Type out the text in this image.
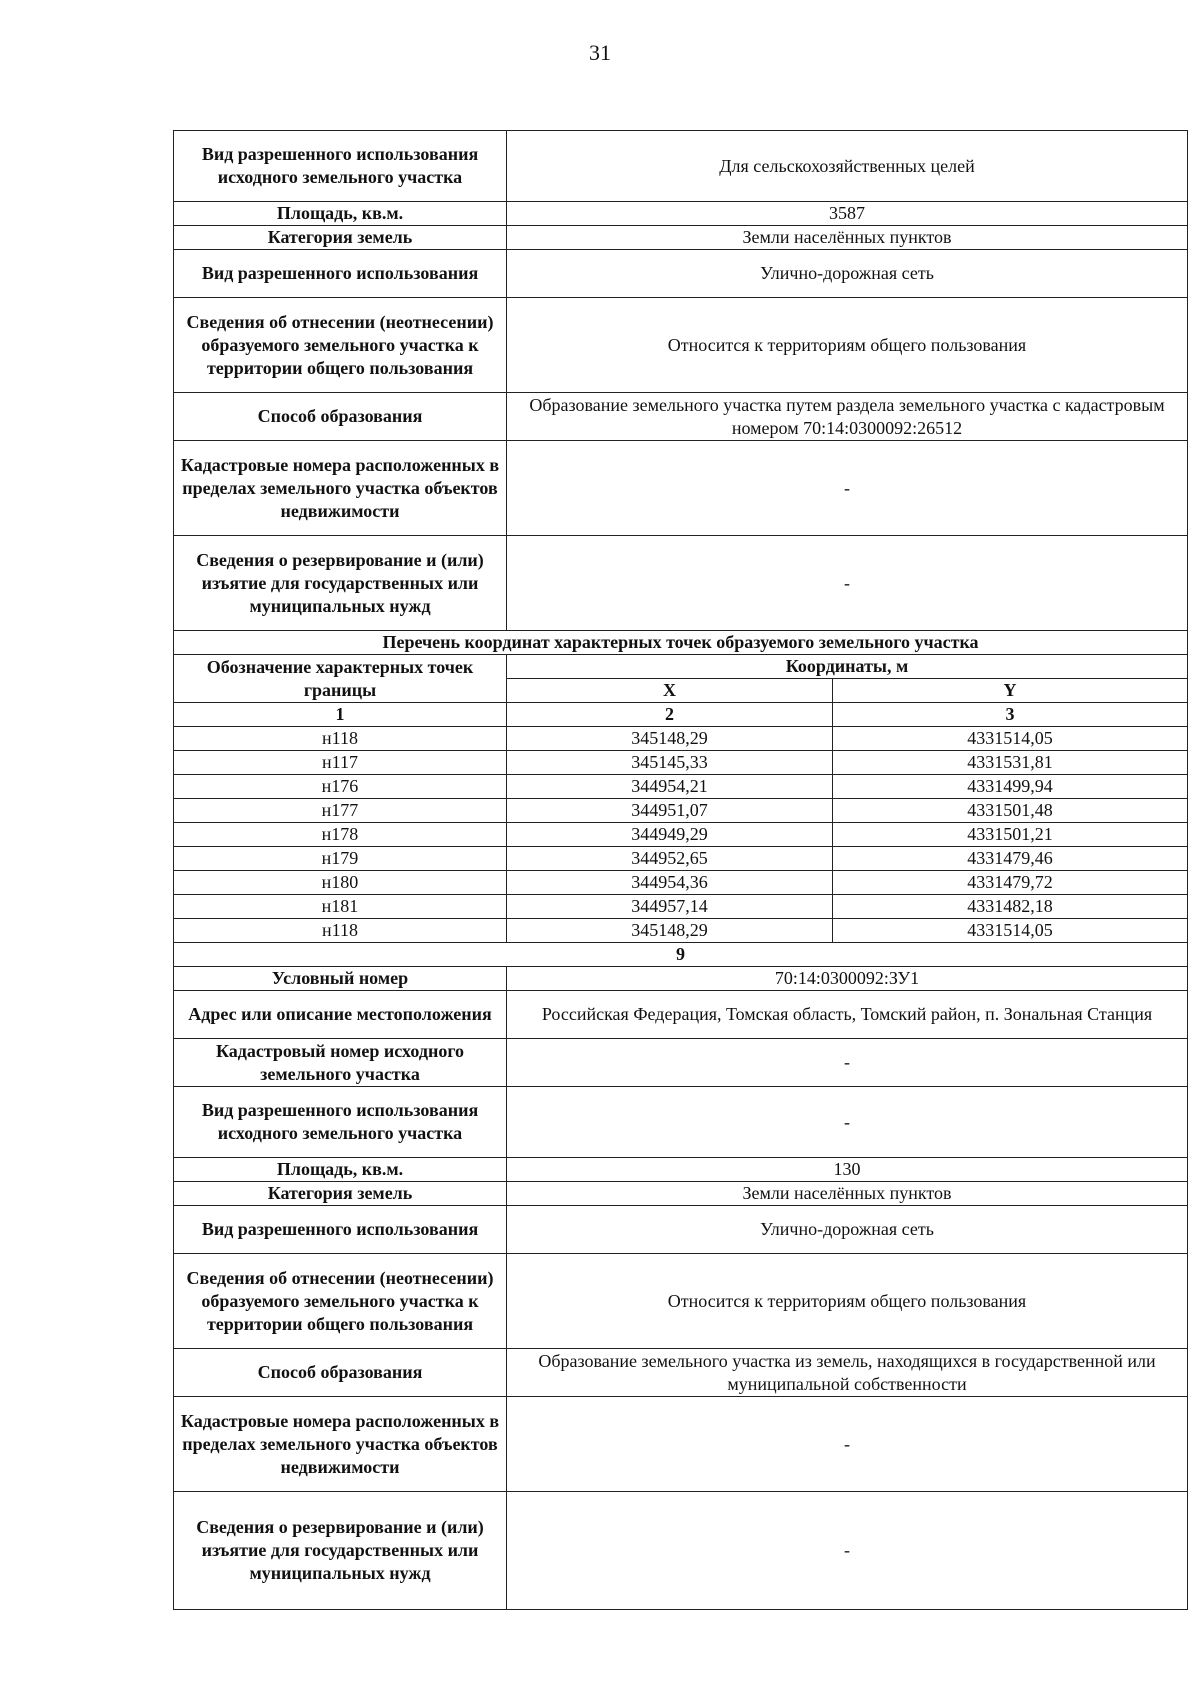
31
Вид разрешенного использования исходного земельного участка	Для сельскохозяйственных целей	
Площадь, кв.м.	3587	
Категория земель	Земли населённых пунктов	
Вид разрешенного использования	Улично-дорожная сеть	
Сведения об отнесении (неотнесении) образуемого земельного участка к территории общего пользования	Относится к территориям общего пользования	
Способ образования	Образование земельного участка путем раздела земельного участка с кадастровым номером 70:14:0300092:26512	
Кадастровые номера расположенных в пределах земельного участка объектов недвижимости	-	
Сведения о резервирование и (или) изъятие для государственных или муниципальных нужд	-	
Перечень координат характерных точек образуемого земельного участка		
Обозначение характерных точек границы	Координаты, м	
	X	Y
1	2	3
н118	345148,29	4331514,05
н117	345145,33	4331531,81
н176	344954,21	4331499,94
н177	344951,07	4331501,48
н178	344949,29	4331501,21
н179	344952,65	4331479,46
н180	344954,36	4331479,72
н181	344957,14	4331482,18
н118	345148,29	4331514,05
9		
Условный номер	70:14:0300092:ЗУ1	
Адрес или описание местоположения	Российская Федерация, Томская область, Томский район, п. Зональная Станция	
Кадастровый номер исходного земельного участка	-	
Вид разрешенного использования исходного земельного участка	-	
Площадь, кв.м.	130	
Категория земель	Земли населённых пунктов	
Вид разрешенного использования	Улично-дорожная сеть	
Сведения об отнесении (неотнесении) образуемого земельного участка к территории общего пользования	Относится к территориям общего пользования	
Способ образования	Образование земельного участка из земель, находящихся в государственной или муниципальной собственности	
Кадастровые номера расположенных в пределах земельного участка объектов недвижимости	-	
Сведения о резервирование и (или) изъятие для государственных или муниципальных нужд	-	
